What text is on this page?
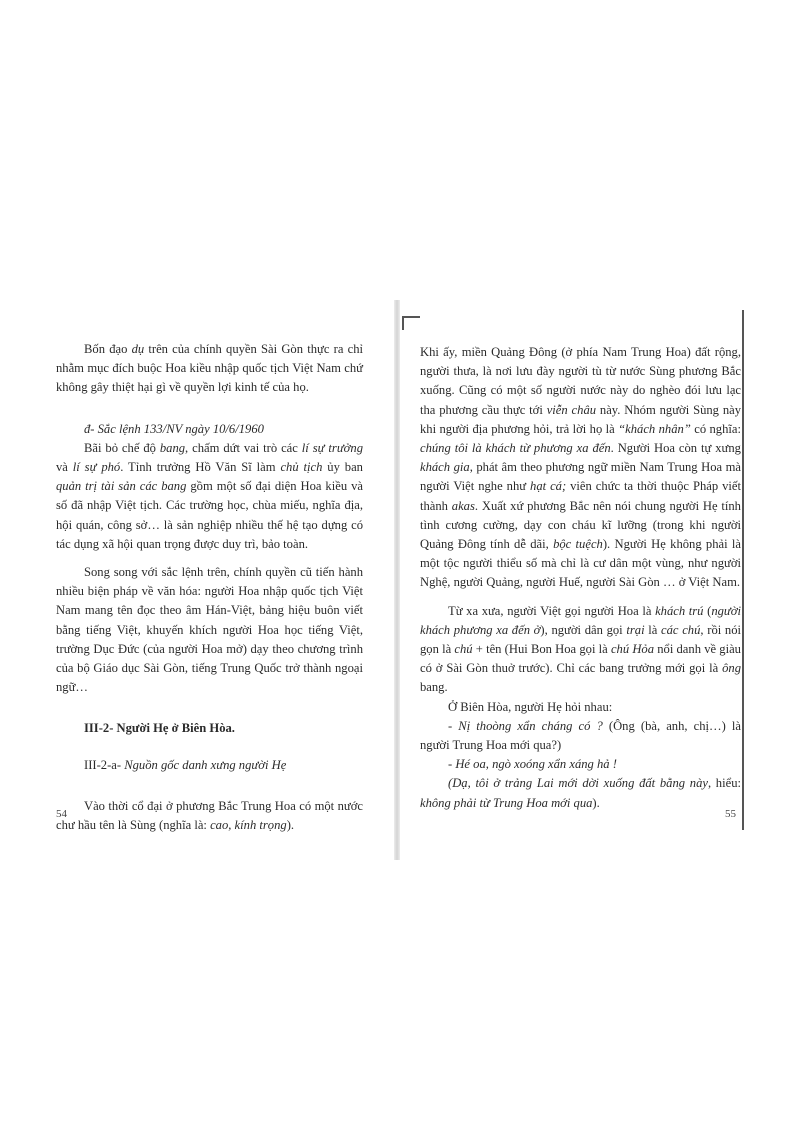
Bốn đạo dụ trên của chính quyền Sài Gòn thực ra chỉ nhằm mục đích buộc Hoa kiều nhập quốc tịch Việt Nam chứ không gây thiệt hại gì về quyền lợi kinh tế của họ.

đ- Sắc lệnh 133/NV ngày 10/6/1960

Bãi bỏ chế độ bang, chấm dứt vai trò các lí sự trưởng và lí sự phó. Tỉnh trưởng Hồ Văn Sĩ làm chủ tịch ủy ban quản trị tài sản các bang gồm một số đại diện Hoa kiều và số đã nhập Việt tịch. Các trường học, chùa miếu, nghĩa địa, hội quán, công sở… là sản nghiệp nhiều thế hệ tạo dựng có tác dụng xã hội quan trọng được duy trì, bảo toàn.

Song song với sắc lệnh trên, chính quyền cũ tiến hành nhiều biện pháp về văn hóa: người Hoa nhập quốc tịch Việt Nam mang tên đọc theo âm Hán-Việt, bảng hiệu buôn viết bằng tiếng Việt, khuyến khích người Hoa học tiếng Việt, trường Dục Đức (của người Hoa mở) dạy theo chương trình của bộ Giáo dục Sài Gòn, tiếng Trung Quốc trở thành ngoại ngữ…

III-2- Người Hẹ ở Biên Hòa.

III-2-a- Nguồn gốc danh xưng người Hẹ

Vào thời cổ đại ở phương Bắc Trung Hoa có một nước chư hầu tên là Sùng (nghĩa là: cao, kính trọng).

54

Khi ấy, miền Quảng Đông (ở phía Nam Trung Hoa) đất rộng, người thưa, là nơi lưu đày người tù từ nước Sùng phương Bắc xuống. Cũng có một số người nước này do nghèo đói lưu lạc tha phương cầu thực tới viễn châu này. Nhóm người Sùng này khi người địa phương hỏi, trả lời họ là “khách nhân” có nghĩa: chúng tôi là khách từ phương xa đến. Người Hoa còn tự xưng khách gia, phát âm theo phương ngữ miền Nam Trung Hoa mà người Việt nghe như hạt cá; viên chức ta thời thuộc Pháp viết thành akas. Xuất xứ phương Bắc nên nói chung người Hẹ tính tình cương cường, dạy con cháu kĩ lưỡng (trong khi người Quảng Đông tính dễ dãi, bộc tuệch). Người Hẹ không phải là một tộc người thiểu số mà chỉ là cư dân một vùng, như người Nghệ, người Quảng, người Huế, người Sài Gòn … ở Việt Nam.

Từ xa xưa, người Việt gọi người Hoa là khách trú (người khách phương xa đến ở), người dân gọi trại là các chú, rồi nói gọn là chú + tên (Hui Bon Hoa gọi là chú Hỏa nổi danh về giàu có ở Sài Gòn thuở trước). Chỉ các bang trưởng mới gọi là ông bang.

Ở Biên Hòa, người Hẹ hỏi nhau:

- Nị thoòng xẩn cháng có ? (Ông (bà, anh, chị…) là người Trung Hoa mới qua?)

- Hé oa, ngò xoóng xẩn xáng hả !

(Dạ, tôi ở trảng Lai mới dời xuống đất bằng này, hiểu: không phải từ Trung Hoa mới qua).

55
